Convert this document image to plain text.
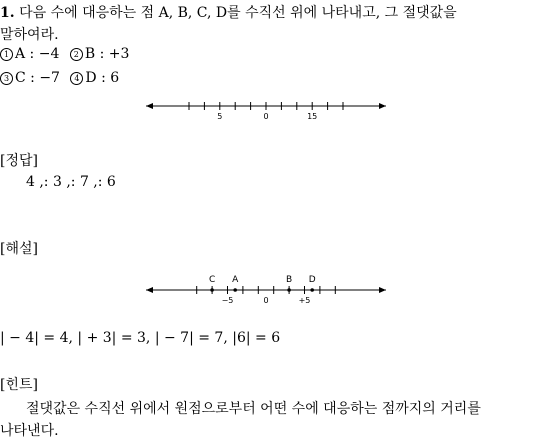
1. 다음 수에 대응하는 점 A, B, C, D를 수직선 위에 나타내고, 그 절댓값을
말하여라.
1 A : −4 2 B : +3
3 C : −7 4 D : 6
5	0	15
[정답]
4 ,: 3 ,: 7 ,: 6
[해설]
−5	0	+5
C A	B D
| − 4| = 4, | + 3| = 3, | − 7| = 7, |6| = 6
[힌트]
절댓값은 수직선 위에서 원점으로부터 어떤 수에 대응하는 점까지의 거리를
나타낸다.
